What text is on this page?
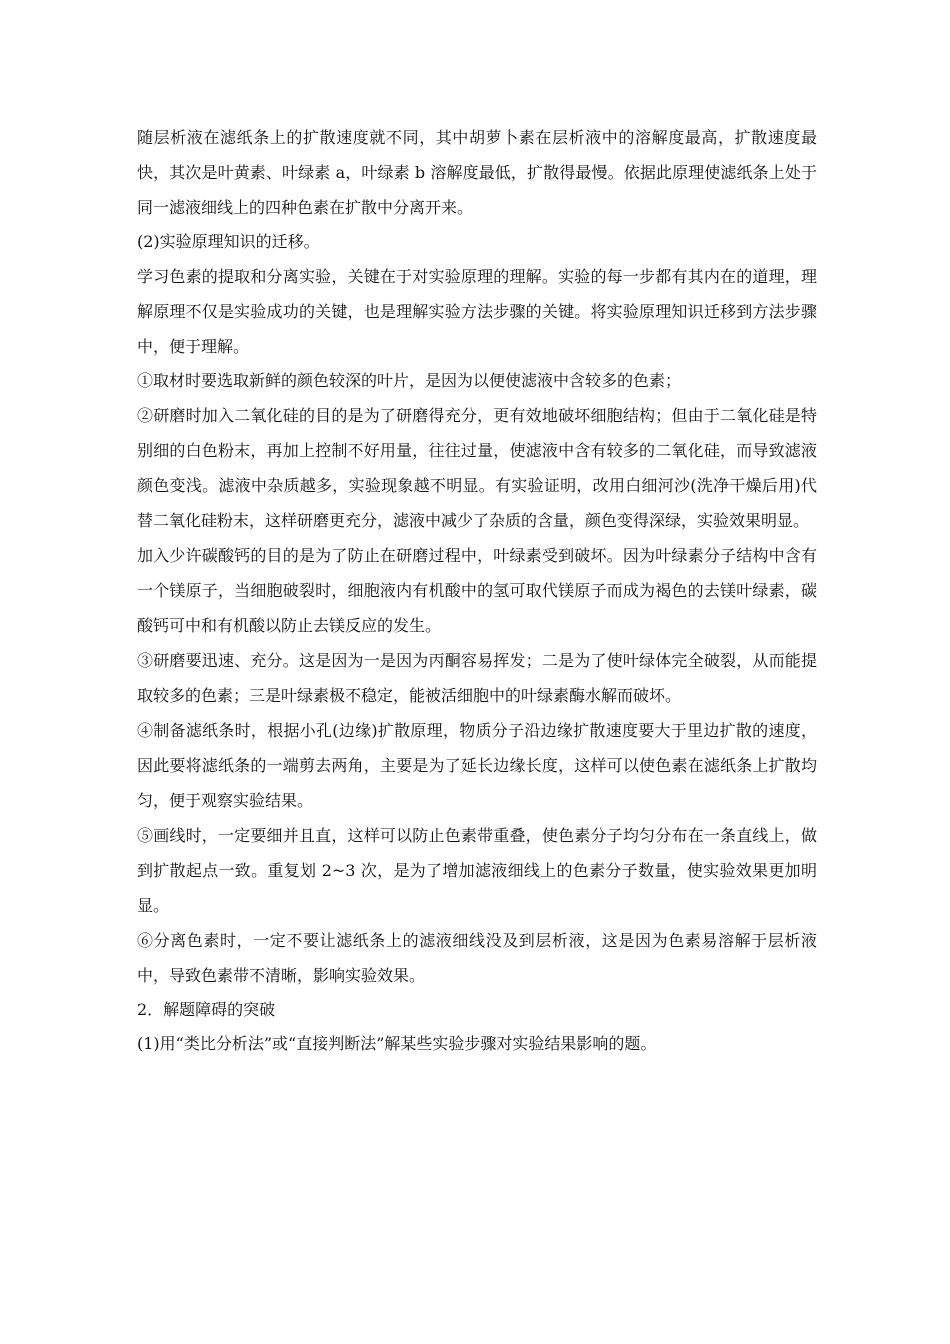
随层析液在滤纸条上的扩散速度就不同，其中胡萝卜素在层析液中的溶解度最高，扩散速度最快，其次是叶黄素、叶绿素 a，叶绿素 b 溶解度最低，扩散得最慢。依据此原理使滤纸条上处于同一滤液细线上的四种色素在扩散中分离开来。

(2)实验原理知识的迁移。

学习色素的提取和分离实验，关键在于对实验原理的理解。实验的每一步都有其内在的道理，理解原理不仅是实验成功的关键，也是理解实验方法步骤的关键。将实验原理知识迁移到方法步骤中，便于理解。

①取材时要选取新鲜的颜色较深的叶片，是因为以便使滤液中含较多的色素；

②研磨时加入二氧化硅的目的是为了研磨得充分，更有效地破坏细胞结构；但由于二氧化硅是特别细的白色粉末，再加上控制不好用量，往往过量，使滤液中含有较多的二氧化硅，而导致滤液颜色变浅。滤液中杂质越多，实验现象越不明显。有实验证明，改用白细河沙(洗净干燥后用)代替二氧化硅粉末，这样研磨更充分，滤液中减少了杂质的含量，颜色变得深绿，实验效果明显。

加入少许碳酸钙的目的是为了防止在研磨过程中，叶绿素受到破坏。因为叶绿素分子结构中含有一个镁原子，当细胞破裂时，细胞液内有机酸中的氢可取代镁原子而成为褐色的去镁叶绿素，碳酸钙可中和有机酸以防止去镁反应的发生。

③研磨要迅速、充分。这是因为一是因为丙酮容易挥发；二是为了使叶绿体完全破裂，从而能提取较多的色素；三是叶绿素极不稳定，能被活细胞中的叶绿素酶水解而破坏。

④制备滤纸条时，根据小孔(边缘)扩散原理，物质分子沿边缘扩散速度要大于里边扩散的速度，因此要将滤纸条的一端剪去两角，主要是为了延长边缘长度，这样可以使色素在滤纸条上扩散均匀，便于观察实验结果。

⑤画线时，一定要细并且直，这样可以防止色素带重叠，使色素分子均匀分布在一条直线上，做到扩散起点一致。重复划 2~3 次，是为了增加滤液细线上的色素分子数量，使实验效果更加明显。

⑥分离色素时，一定不要让滤纸条上的滤液细线没及到层析液，这是因为色素易溶解于层析液中，导致色素带不清晰，影响实验效果。

2．解题障碍的突破

(1)用“类比分析法”或“直接判断法”解某些实验步骤对实验结果影响的题。
